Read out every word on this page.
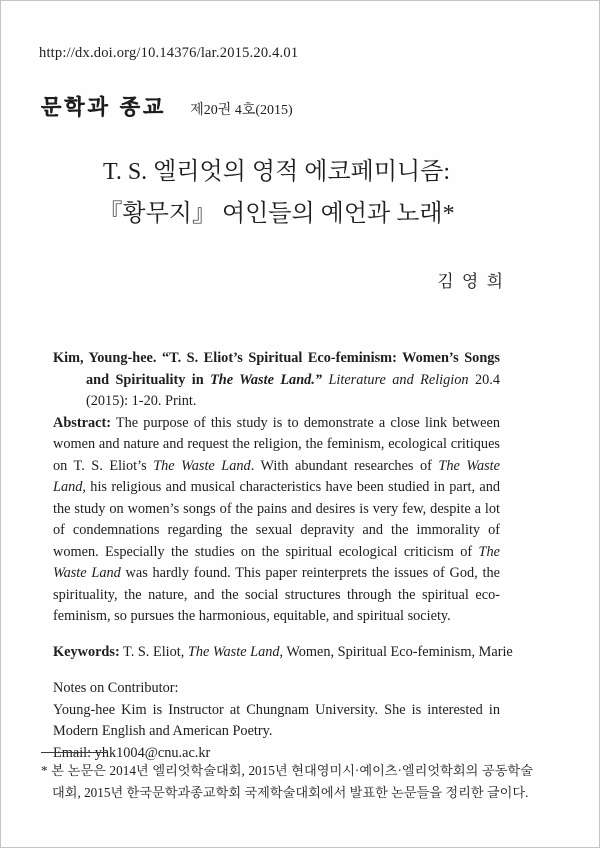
http://dx.doi.org/10.14376/lar.2015.20.4.01
문학과 종교 제20권 4호(2015)
T. S. 엘리엇의 영적 에코페미니즘:
『황무지』 여인들의 예언과 노래*
김 영 희

Kim, Young-hee. “T. S. Eliot’s Spiritual Eco-feminism: Women’s Songs and Spirituality in The Waste Land.” Literature and Religion 20.4 (2015): 1-20. Print.

Abstract: The purpose of this study is to demonstrate a close link between women and nature and request the religion, the feminism, ecological critiques on T. S. Eliot’s The Waste Land. With abundant researches of The Waste Land, his religious and musical characteristics have been studied in part, and the study on women’s songs of the pains and desires is very few, despite a lot of condemnations regarding the sexual depravity and the immorality of women. Especially the studies on the spiritual ecological criticism of The Waste Land was hardly found. This paper reinterprets the issues of God, the spirituality, the nature, and the social structures through the spiritual eco-feminism, so pursues the harmonious, equitable, and spiritual society.

Keywords: T. S. Eliot, The Waste Land, Women, Spiritual Eco-feminism, Marie

Notes on Contributor:

Young-hee Kim is Instructor at Chungnam University. She is interested in Modern English and American Poetry.

Email: yhk1004@cnu.ac.kr

* 본 논문은 2014년 엘리엇학술대회, 2015년 현대영미시·예이츠·엘리엇학회의 공동학술대회, 2015년 한국문학과종교학회 국제학술대회에서 발표한 논문들을 정리한 글이다.
